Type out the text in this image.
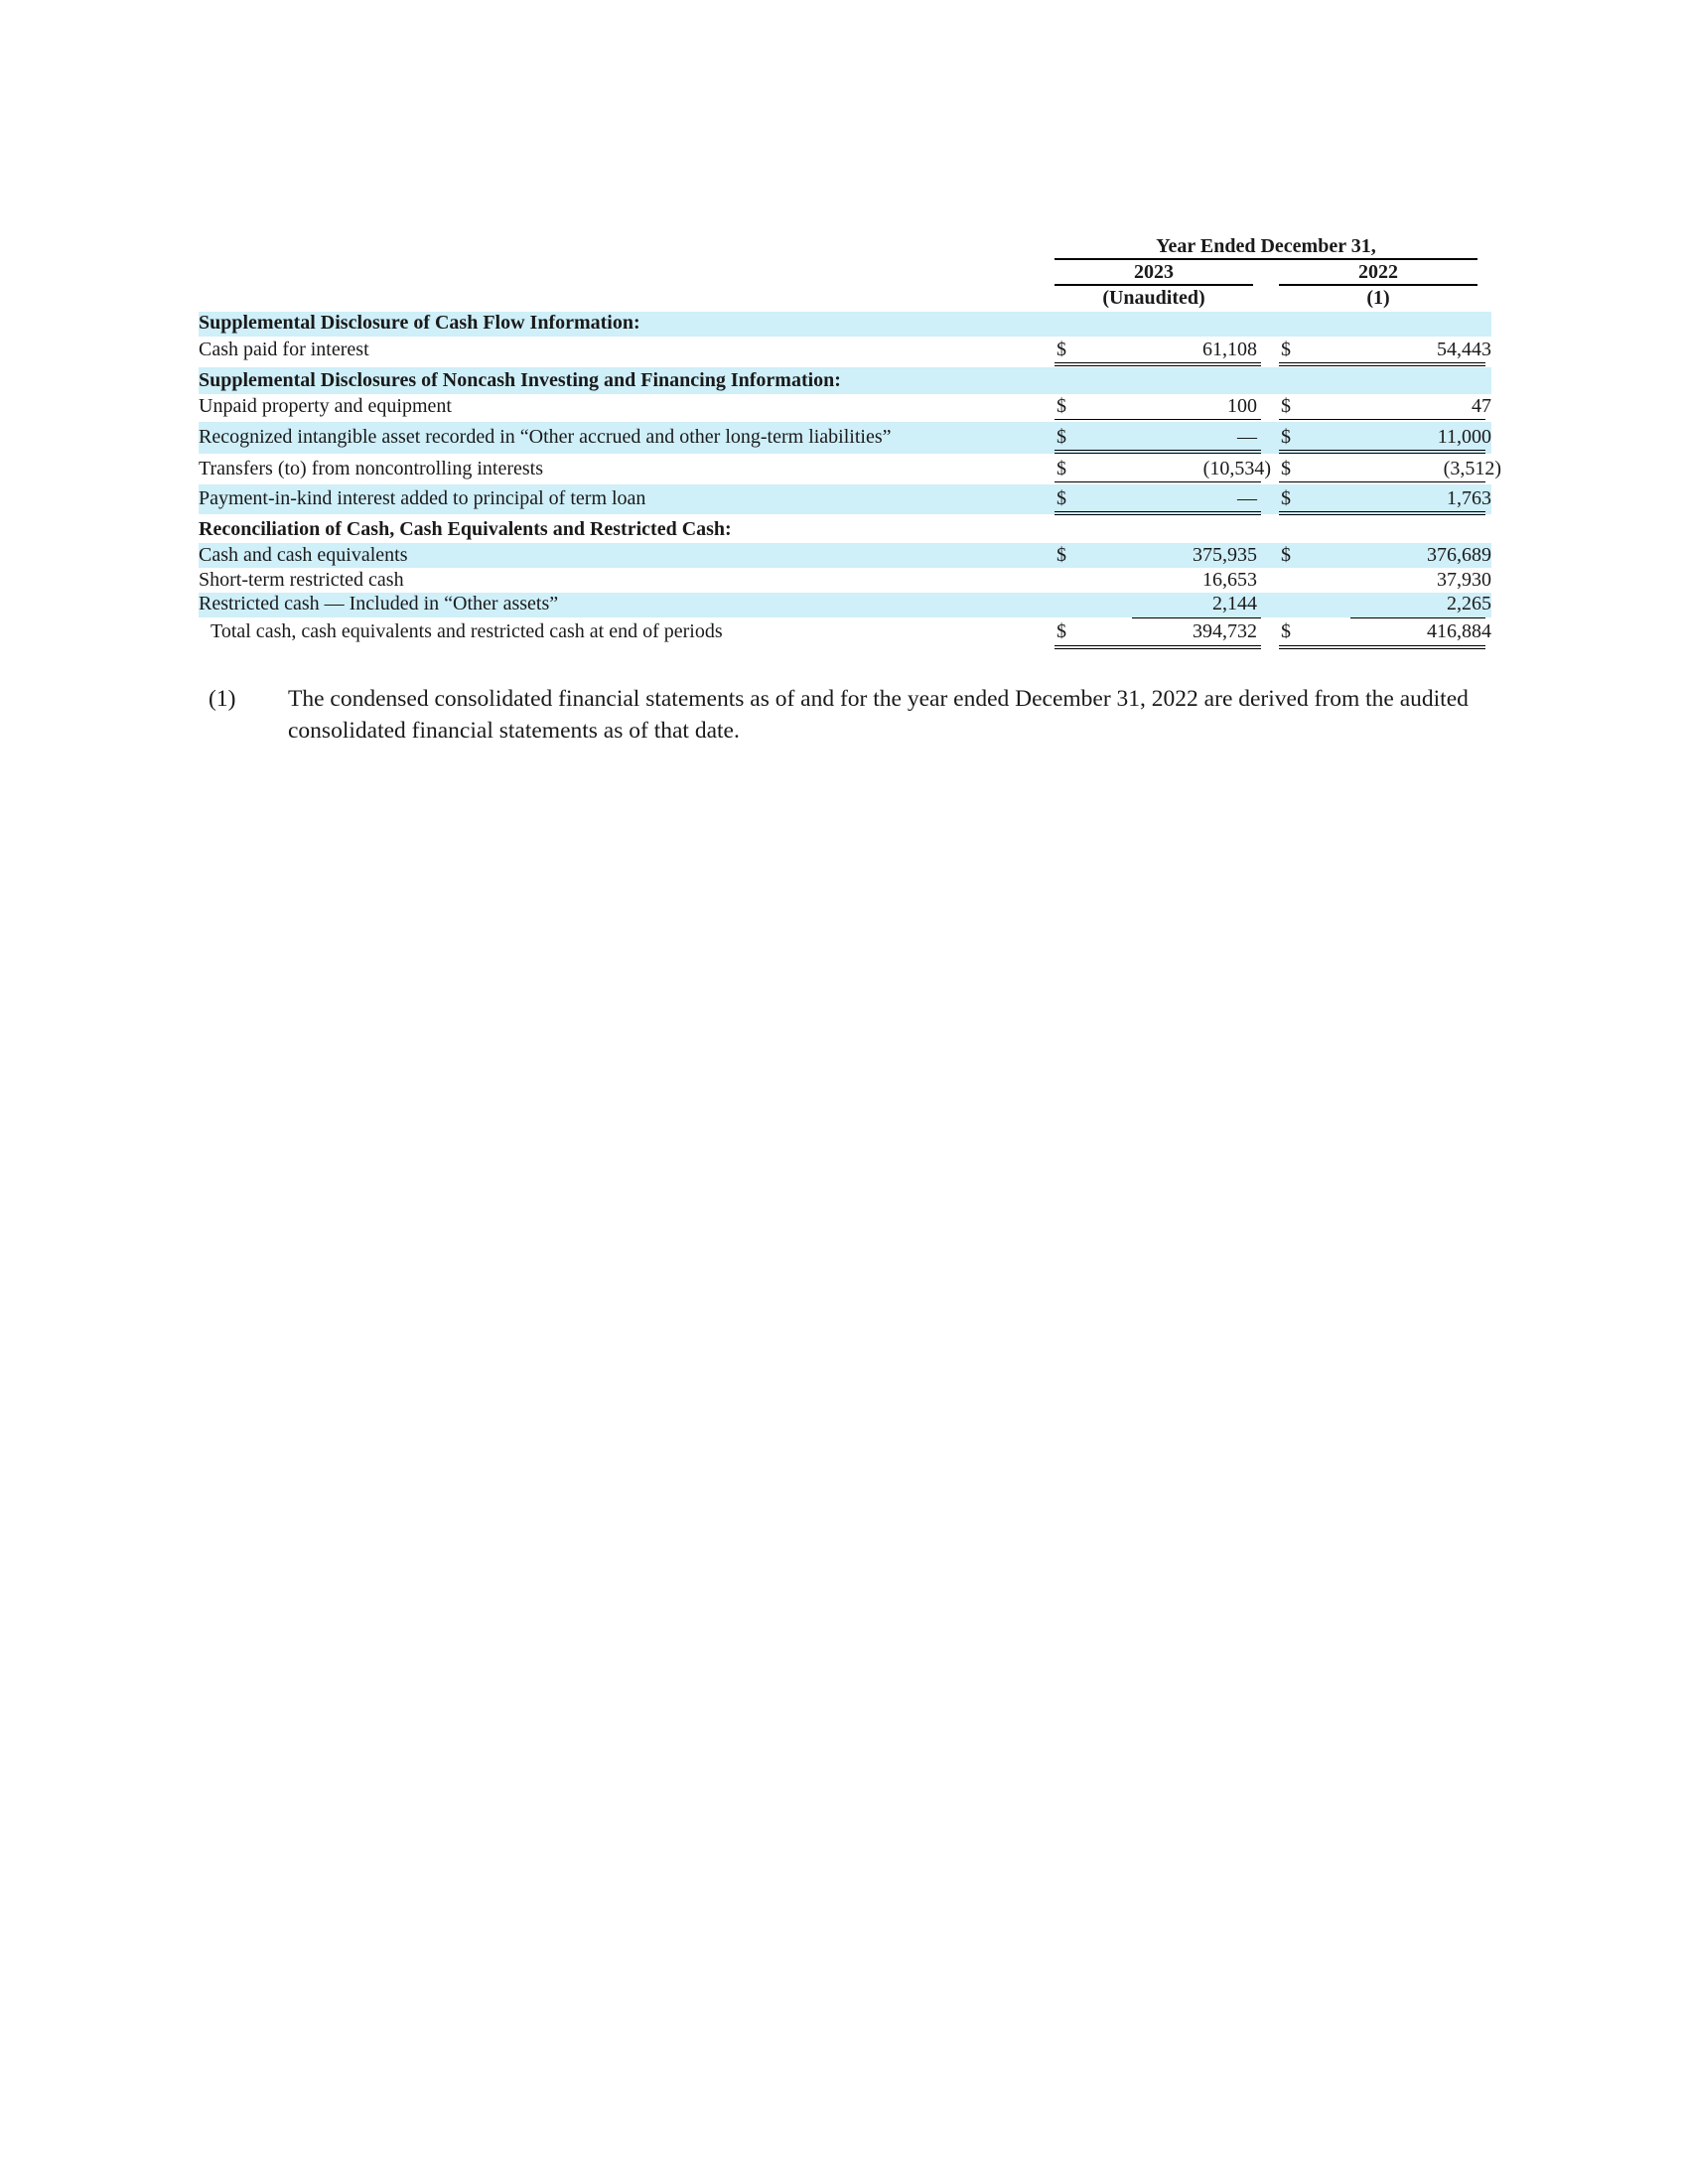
Year Ended December 31,
2023	2022
(Unaudited)	(1)
Supplemental Disclosure of Cash Flow Information:
Cash paid for interest	$	61,108 $	54,443
Supplemental Disclosures of Noncash Investing and Financing Information:
Unpaid property and equipment	$	100 $	47
Recognized intangible asset recorded in “Other accrued and other long-term liabilities”	$	— $	11,000
Transfers (to) from noncontrolling interests	$	(10,534) $	(3,512)
Payment-in-kind interest added to principal of term loan	$	— $	1,763
Reconciliation of Cash, Cash Equivalents and Restricted Cash:
Cash and cash equivalents	$	375,935 $	376,689
Short-term restricted cash	16,653	37,930
Restricted cash — Included in “Other assets”	2,144	2,265
Total cash, cash equivalents and restricted cash at end of periods	$	394,732 $	416,884
(1) The condensed consolidated financial statements as of and for the year ended December 31, 2022 are derived from the audited consolidated financial statements as of that date.
